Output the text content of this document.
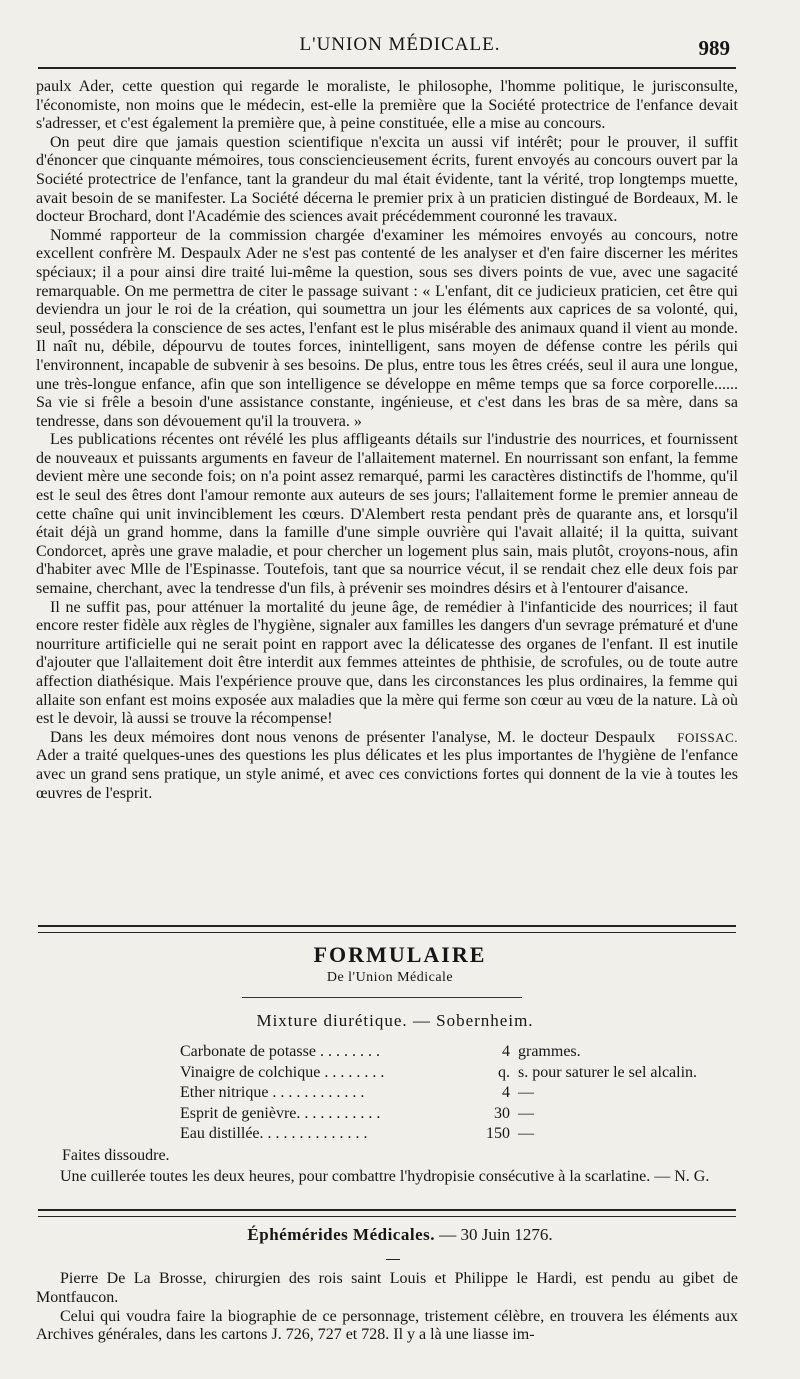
L'UNION MÉDICALE.	989

paulx Ader, cette question qui regarde le moraliste, le philosophe, l'homme politique, le jurisconsulte, l'économiste, non moins que le médecin, est-elle la première que la Société protectrice de l'enfance devait s'adresser, et c'est également la première que, à peine constituée, elle a mise au concours.

On peut dire que jamais question scientifique n'excita un aussi vif intérêt; pour le prouver, il suffit d'énoncer que cinquante mémoires, tous consciencieusement écrits, furent envoyés au concours ouvert par la Société protectrice de l'enfance, tant la grandeur du mal était évidente, tant la vérité, trop longtemps muette, avait besoin de se manifester. La Société décerna le premier prix à un praticien distingué de Bordeaux, M. le docteur Brochard, dont l'Académie des sciences avait précédemment couronné les travaux.

Nommé rapporteur de la commission chargée d'examiner les mémoires envoyés au concours, notre excellent confrère M. Despaulx Ader ne s'est pas contenté de les analyser et d'en faire discerner les mérites spéciaux; il a pour ainsi dire traité lui-même la question, sous ses divers points de vue, avec une sagacité remarquable. On me permettra de citer le passage suivant : « L'enfant, dit ce judicieux praticien, cet être qui deviendra un jour le roi de la création, qui soumettra un jour les éléments aux caprices de sa volonté, qui, seul, possédera la conscience de ses actes, l'enfant est le plus misérable des animaux quand il vient au monde. Il naît nu, débile, dépourvu de toutes forces, inintelligent, sans moyen de défense contre les périls qui l'environnent, incapable de subvenir à ses besoins. De plus, entre tous les êtres créés, seul il aura une longue, une très-longue enfance, afin que son intelligence se développe en même temps que sa force corporelle...... Sa vie si frêle a besoin d'une assistance constante, ingénieuse, et c'est dans les bras de sa mère, dans sa tendresse, dans son dévouement qu'il la trouvera. »

Les publications récentes ont révélé les plus affligeants détails sur l'industrie des nourrices, et fournissent de nouveaux et puissants arguments en faveur de l'allaitement maternel. En nourrissant son enfant, la femme devient mère une seconde fois; on n'a point assez remarqué, parmi les caractères distinctifs de l'homme, qu'il est le seul des êtres dont l'amour remonte aux auteurs de ses jours; l'allaitement forme le premier anneau de cette chaîne qui unit invinciblement les cœurs. D'Alembert resta pendant près de quarante ans, et lorsqu'il était déjà un grand homme, dans la famille d'une simple ouvrière qui l'avait allaité; il la quitta, suivant Condorcet, après une grave maladie, et pour chercher un logement plus sain, mais plutôt, croyons-nous, afin d'habiter avec Mlle de l'Espinasse. Toutefois, tant que sa nourrice vécut, il se rendait chez elle deux fois par semaine, cherchant, avec la tendresse d'un fils, à prévenir ses moindres désirs et à l'entourer d'aisance.

Il ne suffit pas, pour atténuer la mortalité du jeune âge, de remédier à l'infanticide des nourrices; il faut encore rester fidèle aux règles de l'hygiène, signaler aux familles les dangers d'un sevrage prématuré et d'une nourriture artificielle qui ne serait point en rapport avec la délicatesse des organes de l'enfant. Il est inutile d'ajouter que l'allaitement doit être interdit aux femmes atteintes de phthisie, de scrofules, ou de toute autre affection diathésique. Mais l'expérience prouve que, dans les circonstances les plus ordinaires, la femme qui allaite son enfant est moins exposée aux maladies que la mère qui ferme son cœur au vœu de la nature. Là où est le devoir, là aussi se trouve la récompense!

FOISSAC.
Dans les deux mémoires dont nous venons de présenter l'analyse, M. le docteur Despaulx Ader a traité quelques-unes des questions les plus délicates et les plus importantes de l'hygiène de l'enfance avec un grand sens pratique, un style animé, et avec ces convictions fortes qui donnent de la vie à toutes les œuvres de l'esprit.

FORMULAIRE
De l'Union Médicale
Mixture diurétique. — Sobernheim.
Carbonate de potasse . . . . . . . .	4 grammes.
Vinaigre de colchique . . . . . . . .	q. s. pour saturer le sel alcalin.
Ether nitrique . . . . . . . . . . . .	4 —
Esprit de genièvre. . . . . . . . . . .	30 —
Eau distillée. . . . . . . . . . . . . .	150 —
Faites dissoudre.

Une cuillerée toutes les deux heures, pour combattre l'hydropisie consécutive à la scarlatine. — N. G.

Éphémérides Médicales. — 30 Juin 1276.

Pierre De La Brosse, chirurgien des rois saint Louis et Philippe le Hardi, est pendu au gibet de Montfaucon.

Celui qui voudra faire la biographie de ce personnage, tristement célèbre, en trouvera les éléments aux Archives générales, dans les cartons J. 726, 727 et 728. Il y a là une liasse im-
